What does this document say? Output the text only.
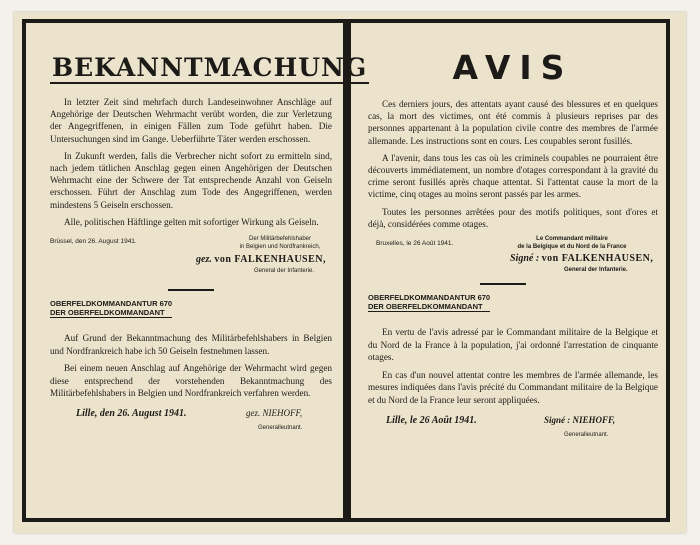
BEKANNTMACHUNG

In letzter Zeit sind mehrfach durch Landeseinwohner Anschläge auf Angehörige der Deutschen Wehrmacht verübt worden, die zur Verletzung der Angegriffenen, in einigen Fällen zum Tode geführt haben. Die Untersuchungen sind im Gange. Ueberführte Täter werden erschossen.

In Zukunft werden, falls die Verbrecher nicht sofort zu ermitteln sind, nach jedem tätlichen Anschlag gegen einen Angehörigen der Deutschen Wehrmacht eine der Schwere der Tat entsprechende Anzahl von Geiseln erschossen. Führt der Anschlag zum Tode des Angegriffenen, werden mindestens 5 Geiseln erschossen.

Alle, politischen Häftlinge gelten mit sofortiger Wirkung als Geiseln.

Brüssel, den 26. August 1941.	Der Militärbefehlshaber
in Belgien und Nordfrankreich,
gez. von FALKENHAUSEN,
General der Infanterie.
OBERFELDKOMMANDANTUR 670
DER OBERFELDKOMMANDANT

Auf Grund der Bekanntmachung des Militärbefehlshabers in Belgien und Nordfrankreich habe ich 50 Geiseln festnehmen lassen.

Bei einem neuen Anschlag auf Angehörige der Wehrmacht wird gegen diese entsprechend der vorstehenden Bekanntmachung des Militärbefehlshabers in Belgien und Nordfrankreich verfahren werden.

Lille, den 26. August 1941.	gez. NIEHOFF,
Generalleutnant.
AVIS

Ces derniers jours, des attentats ayant causé des blessures et en quelques cas, la mort des victimes, ont été commis à plusieurs reprises par des personnes appartenant à la population civile contre des membres de l'armée allemande. Les instructions sont en cours. Les coupables seront fusillés.

A l'avenir, dans tous les cas où les criminels coupables ne pourraient être découverts immédiatement, un nombre d'otages correspondant à la gravité du crime seront fusillés après chaque attentat. Si l'attentat cause la mort de la victime, cinq otages au moins seront passés par les armes.

Toutes les personnes arrêtées pour des motifs politiques, sont d'ores et déjà, considérées comme otages.

Bruxelles, le 26 Août 1941.
Le Commandant militaire
de la Belgique et du Nord de la France
Signé : von FALKENHAUSEN,
General der Infanterie.
OBERFELDKOMMANDANTUR 670
DER OBERFELDKOMMANDANT

En vertu de l'avis adressé par le Commandant militaire de la Belgique et du Nord de la France à la population, j'ai ordonné l'arrestation de cinquante otages.

En cas d'un nouvel attentat contre les membres de l'armée allemande, les mesures indiquées dans l'avis précité du Commandant militaire de la Belgique et du Nord de la France leur seront appliquées.

Lille, le 26 Août 1941.	Signé : NIEHOFF,
Generalleutnant.
